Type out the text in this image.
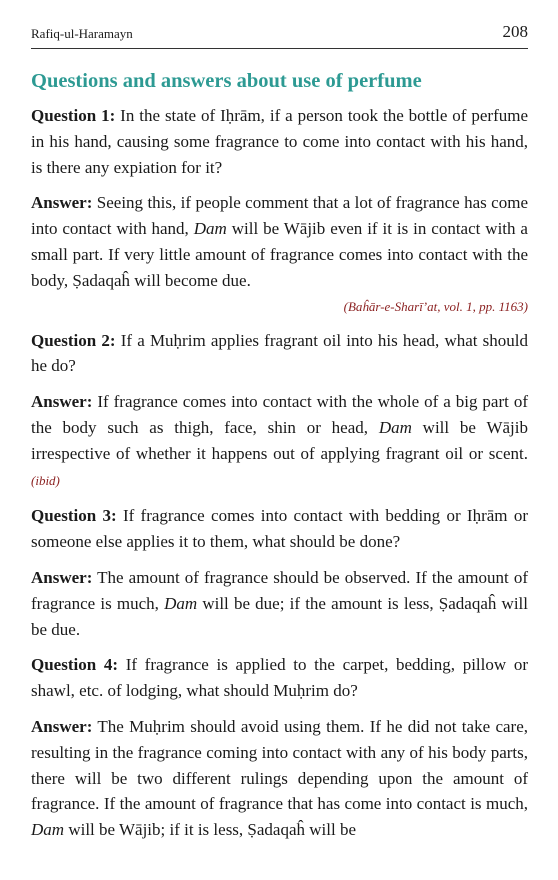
Rafiq-ul-Haramayn	208
Questions and answers about use of perfume

Question 1: In the state of Iḥrām, if a person took the bottle of perfume in his hand, causing some fragrance to come into contact with his hand, is there any expiation for it?

Answer: Seeing this, if people comment that a lot of fragrance has come into contact with hand, Dam will be Wājib even if it is in contact with a small part. If very little amount of fragrance comes into contact with the body, Ṣadaqaĥ will become due.

(Baĥār-e-Sharī’at, vol. 1, pp. 1163)

Question 2: If a Muḥrim applies fragrant oil into his head, what should he do?

Answer: If fragrance comes into contact with the whole of a big part of the body such as thigh, face, shin or head, Dam will be Wājib irrespective of whether it happens out of applying fragrant oil or scent. (ibid)

Question 3: If fragrance comes into contact with bedding or Iḥrām or someone else applies it to them, what should be done?

Answer: The amount of fragrance should be observed. If the amount of fragrance is much, Dam will be due; if the amount is less, Ṣadaqaĥ will be due.

Question 4: If fragrance is applied to the carpet, bedding, pillow or shawl, etc. of lodging, what should Muḥrim do?

Answer: The Muḥrim should avoid using them. If he did not take care, resulting in the fragrance coming into contact with any of his body parts, there will be two different rulings depending upon the amount of fragrance. If the amount of fragrance that has come into contact is much, Dam will be Wājib; if it is less, Ṣadaqaĥ will be
